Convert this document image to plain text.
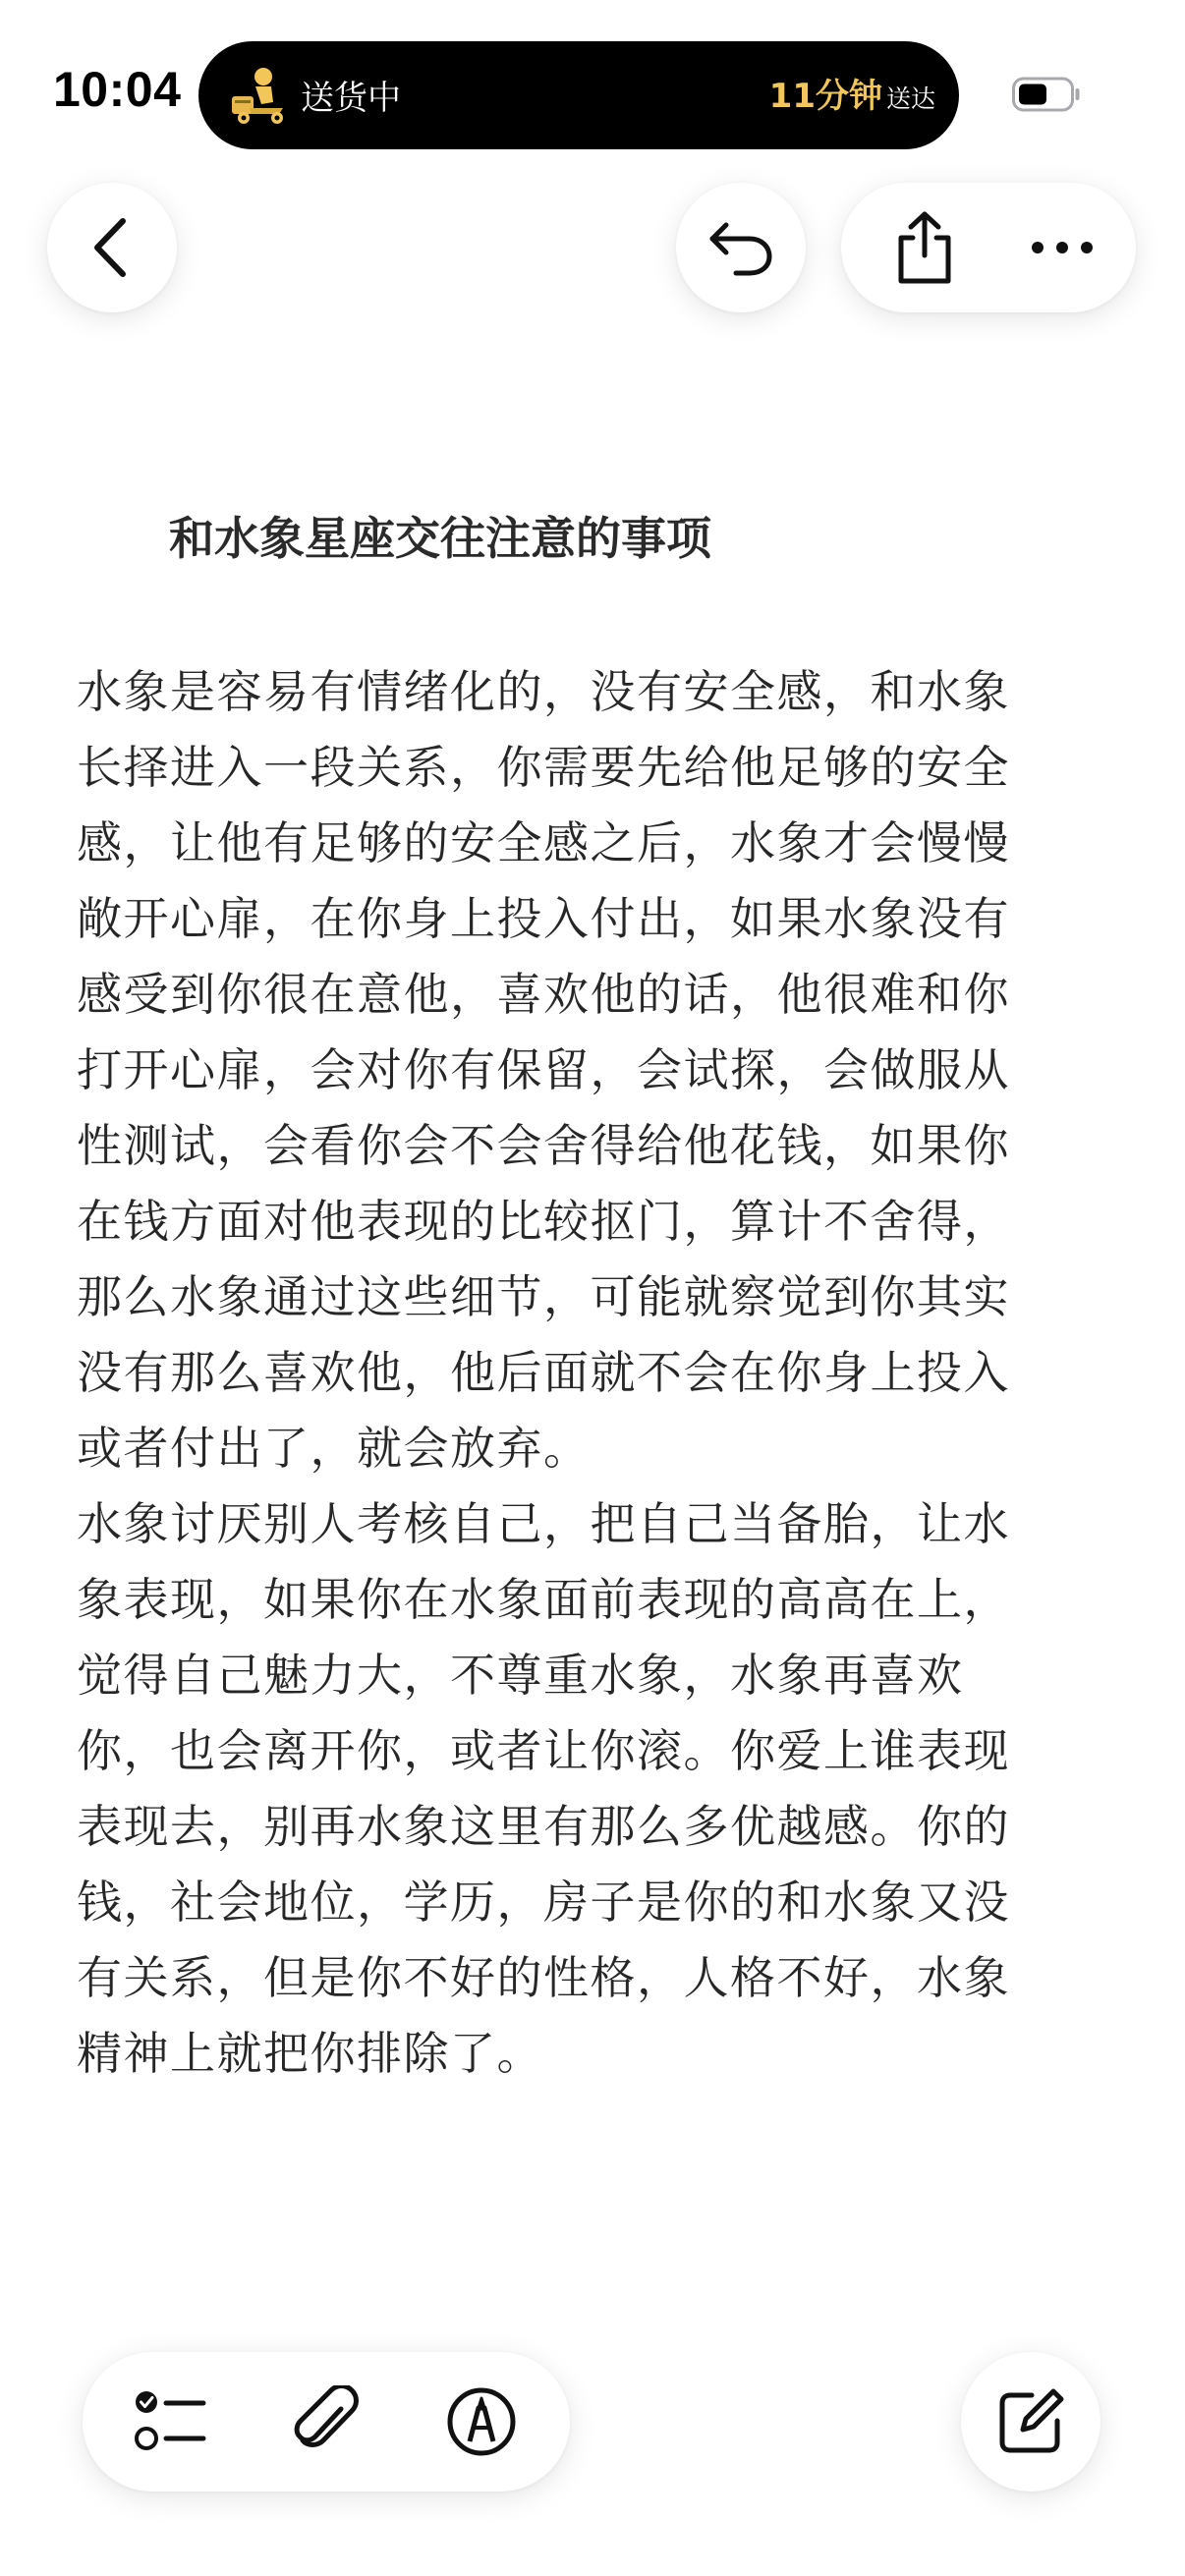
10:04	送货中	11分钟 送达
和水象星座交往注意的事项
水象是容易有情绪化的，没有安全感，和水象
长择进入一段关系，你需要先给他足够的安全
感，让他有足够的安全感之后，水象才会慢慢
敞开心扉，在你身上投入付出，如果水象没有
感受到你很在意他，喜欢他的话，他很难和你
打开心扉，会对你有保留，会试探，会做服从
性测试，会看你会不会舍得给他花钱，如果你
在钱方面对他表现的比较抠门，算计不舍得，
那么水象通过这些细节，可能就察觉到你其实
没有那么喜欢他，他后面就不会在你身上投入
或者付出了，就会放弃。
水象讨厌别人考核自己，把自己当备胎，让水
象表现，如果你在水象面前表现的高高在上，
觉得自己魅力大，不尊重水象，水象再喜欢
你，也会离开你，或者让你滚。你爱上谁表现
表现去，别再水象这里有那么多优越感。你的
钱，社会地位，学历，房子是你的和水象又没
有关系，但是你不好的性格，人格不好，水象
精神上就把你排除了。
